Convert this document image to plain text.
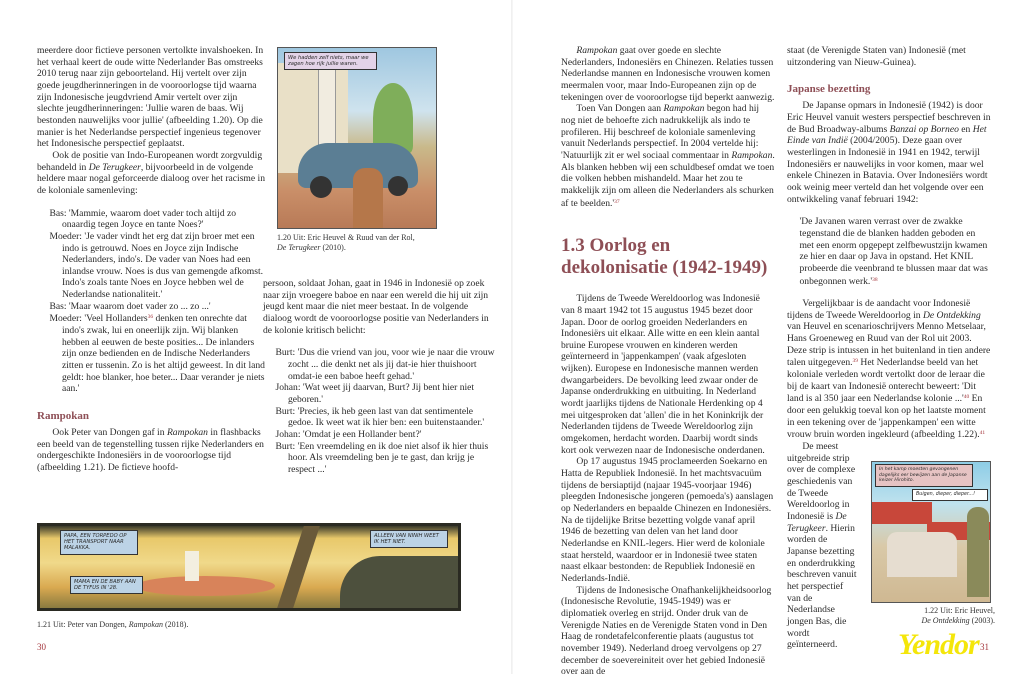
meerdere door fictieve personen vertolkte invalshoeken. In het verhaal keert de oude witte Nederlander Bas omstreeks 2010 terug naar zijn geboorteland. Hij vertelt over zijn goede jeugdherinneringen in de vooroorlogse tijd waarna zijn Indonesische jeugdvriend Amir vertelt over zijn slechte jeugdherinneringen: 'Jullie waren de baas. Wij bestonden nauwelijks voor jullie' (afbeelding 1.20). Op die manier is het Nederlandse perspectief ingenieus tegenover het Indonesische perspectief geplaatst.

Ook de positie van Indo-Europeanen wordt zorgvuldig behandeld in De Terugkeer, bijvoorbeeld in de volgende heldere maar nogal geforceerde dialoog over het racisme in de koloniale samenleving:

Bas: 'Mammie, waarom doet vader toch altijd zo onaardig tegen Joyce en tante Noes?'

Moeder: 'Je vader vindt het erg dat zijn broer met een indo is getrouwd. Noes en Joyce zijn Indische Nederlanders, indo's. De vader van Noes had een inlandse vrouw. Noes is dus van gemengde afkomst. Indo's zoals tante Noes en Joyce hebben wel de Nederlandse nationaliteit.'

Bas: 'Maar waarom doet vader zo ... zo ...'

Moeder: 'Veel Hollanders$^{36}$ denken ten onrechte dat indo's zwak, lui en oneerlijk zijn. Wij blanken hebben al eeuwen de beste posities... De inlanders zijn onze bedienden en de Indische Nederlanders zitten er tussenin. Zo is het altijd geweest. In dit land geldt: hoe blanker, hoe beter... Daar verander je niets aan.'

Rampokan

Ook Peter van Dongen gaf in Rampokan in flashbacks een beeld van de tegenstelling tussen rijke Nederlanders en ondergeschikte Indonesiërs in de vooroorlogse tijd (afbeelding 1.21). De fictieve hoofd-

We hadden zelf niets, maar we zagen hoe rijk jullie waren.
1.20 Uit: Eric Heuvel & Ruud van der Rol,
De Terugkeer (2010).

persoon, soldaat Johan, gaat in 1946 in Indonesië op zoek naar zijn vroegere baboe en naar een wereld die hij uit zijn jeugd kent maar die niet meer bestaat. In de volgende dialoog wordt de vooroorlogse positie van Nederlanders in de kolonie kritisch belicht:

Burt: 'Dus die vriend van jou, voor wie je naar die vrouw zocht ... die denkt net als jij dat-ie hier thuishoort omdat-ie een baboe heeft gehad.'

Johan: 'Wat weet jij daarvan, Burt? Jij bent hier niet geboren.'

Burt: 'Precies, ik heb geen last van dat sentimentele gedoe. Ik weet wat ik hier ben: een buitenstaander.'

Johan: 'Omdat je een Hollander bent?'

Burt: 'Een vreemdeling en ik doe niet alsof ik hier thuis hoor. Als vreemdeling ben je te gast, dan krijg je respect ...'

PAPA, EEN TORPEDO OP HET TRANSPORT NAAR MALAKKA.
ALLEEN VAN NINIH WEET IK HET NIET.
MAMA EN DE BABY AAN DE TYFUS IN '28.
1.21 Uit: Peter van Dongen, Rampokan (2018).
30

Rampokan gaat over goede en slechte Nederlanders, Indonesiërs en Chinezen. Relaties tussen Nederlandse mannen en Indonesische vrouwen komen meermalen voor, maar Indo-Europeanen zijn op de tekeningen over de vooroorlogse tijd beperkt aanwezig.

Toen Van Dongen aan Rampokan begon had hij nog niet de behoefte zich nadrukkelijk als indo te profileren. Hij beschreef de koloniale samenleving vanuit Nederlands perspectief. In 2004 vertelde hij: 'Natuurlijk zit er wel sociaal commentaar in Rampokan. Als blanken hebben wij een schuldbesef omdat we toen die volken hebben mishandeld. Maar het zou te makkelijk zijn om alleen die Nederlanders als schurken af te $beelden.'^{37}$

1.3 Oorlog en dekolonisatie (1942-1949)

Tijdens de Tweede Wereldoorlog was Indonesië van 8 maart 1942 tot 15 augustus 1945 bezet door Japan. Door de oorlog groeiden Nederlanders en Indonesiërs uit elkaar. Alle witte en een klein aantal bruine Europese vrouwen en kinderen werden geïnterneerd in 'jappenkampen' (vaak afgesloten wijken). Europese en Indonesische mannen werden dwangarbeiders. De bevolking leed zwaar onder de Japanse onderdrukking en uitbuiting. In Nederland wordt jaarlijks tijdens de Nationale Herdenking op 4 mei uitgesproken dat 'allen' die in het Koninkrijk der Nederlanden tijdens de Tweede Wereldoorlog zijn omgekomen, herdacht worden. Daarbij wordt sinds kort ook verwezen naar de Indonesische onderdanen.

Op 17 augustus 1945 proclameerden Soekarno en Hatta de Republiek Indonesië. In het machtsvacuüm tijdens de bersiaptijd (najaar 1945-voorjaar 1946) pleegden Indonesische jongeren (pemoeda's) aanslagen op Nederlanders en bepaalde Chinezen en Indonesiërs. Na de tijdelijke Britse bezetting volgde vanaf april 1946 de bezetting van delen van het land door Nederlandse en KNIL-legers. Hier werd de koloniale staat hersteld, waardoor er in Indonesië twee staten naast elkaar bestonden: de Republiek Indonesië en Nederlands-Indië.

Tijdens de Indonesische Onafhankelijkheidsoorlog (Indonesische Revolutie, 1945-1949) was er diplomatiek overleg en strijd. Onder druk van de Verenigde Naties en de Verenigde Staten vond in Den Haag de rondetafelconferentie plaats (augustus tot november 1949). Nederland droeg vervolgens op 27 december de soevereiniteit over het gebied Indonesië over aan de

staat (de Verenigde Staten van) Indonesië (met uitzondering van Nieuw-Guinea).

Japanse bezetting

De Japanse opmars in Indonesië (1942) is door Eric Heuvel vanuit westers perspectief beschreven in de Bud Broadway-albums Banzai op Borneo en Het Einde van Indië (2004/2005). Deze gaan over westerlingen in Indonesië in 1941 en 1942, terwijl Indonesiërs er nauwelijks in voor komen, maar wel enkele Chinezen in Batavia. Over Indonesiërs wordt ook weinig meer verteld dan het volgende over een ontwikkeling vanaf februari 1942:

'De Javanen waren verrast over de zwakke tegenstand die de blanken hadden geboden en met een enorm opgepept zelfbewustzijn kwamen ze hier en daar op Java in opstand. Het KNIL probeerde die veenbrand te blussen maar dat was onbegonnen $werk.'^{38}$

Vergelijkbaar is de aandacht voor Indonesië tijdens de Tweede Wereldoorlog in De Ontdekking van Heuvel en scenarioschrijvers Menno Metselaar, Hans Groeneweg en Ruud van der Rol uit 2003. Deze strip is intussen in het buitenland in tien andere talen uitgegeven.$^{39}$ Het Nederlandse beeld van het koloniale verleden wordt vertolkt door de leraar die bij de kaart van Indonesië onterecht beweert: 'Dit land is al 350 jaar een Nederlandse kolonie $...'^{40}$ En door een gelukkig toeval kon op het laatste moment in een tekening over de 'jappenkampen' een witte vrouw bruin worden ingekleurd (afbeelding 1.22).$^{41}$

De meest uitgebreide strip over de complexe geschiedenis van de Tweede Wereldoorlog in Indonesië is De Terugkeer. Hierin worden de Japanse bezetting en onderdrukking beschreven vanuit het perspectief van de Nederlandse jongen Bas, die wordt geïnterneerd.

In het kamp moesten gevangenen dagelijks eer bewijzen aan de Japanse keizer Hirohito.
Buigen, dieper, dieper...!
1.22 Uit: Eric Heuvel,
De Ontdekking (2003).
31
Yendor
